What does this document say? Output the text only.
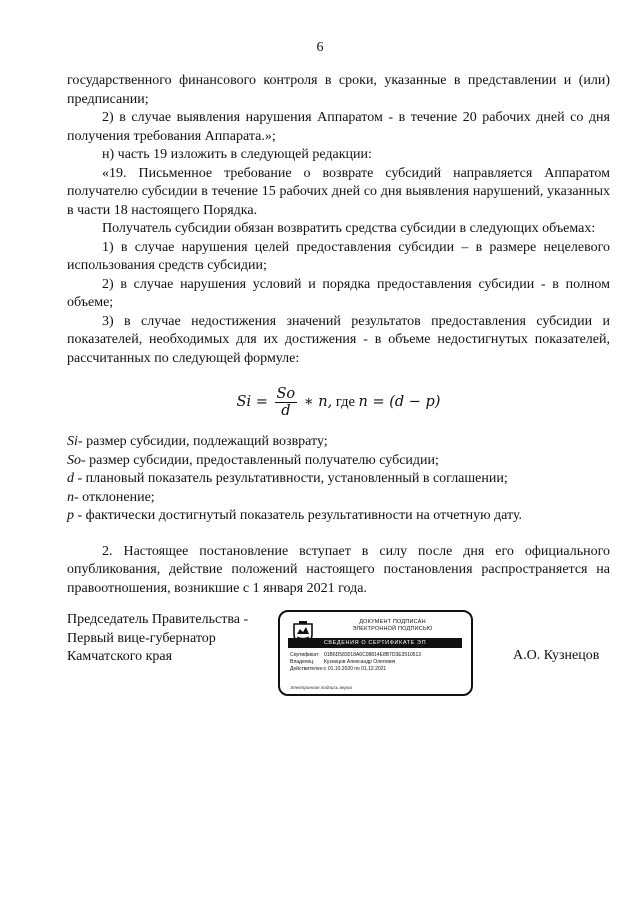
6

государственного финансового контроля в сроки, указанные в представлении и (или) предписании;

2) в случае выявления нарушения Аппаратом - в течение 20 рабочих дней со дня получения требования Аппарата.»;

н) часть 19 изложить в следующей редакции:

«19. Письменное требование о возврате субсидий направляется Аппаратом получателю субсидии в течение 15 рабочих дней со дня выявления нарушений, указанных в части 18 настоящего Порядка.

Получатель субсидии обязан возвратить средства субсидии в следующих объемах:

1) в случае нарушения целей предоставления субсидии – в размере нецелевого использования средств субсидии;

2) в случае нарушения условий и порядка предоставления субсидии - в полном объеме;

3) в случае недостижения значений результатов предоставления субсидии и показателей, необходимых для их достижения - в объеме недостигнутых показателей, рассчитанных по следующей формуле:

$Si = \frac{So}{d}$ ∗ n, где n = (d − p)
Si- размер субсидии, подлежащий возврату;
So- размер субсидии, предоставленный получателю субсидии;
d - плановый показатель результативности, установленный в соглашении;
n- отклонение;
p - фактически достигнутый показатель результативности на отчетную дату.

2. Настоящее постановление вступает в силу после дня его официального опубликования, действие положений настоящего постановления распространяется на правоотношения, возникшие с 1 января 2021 года.

Председатель Правительства -
Первый вице-губернатор
Камчатского края	А.О. Кузнецов
ДОКУМЕНТ ПОДПИСАН
ЭЛЕКТРОННОЙ ПОДПИСЬЮ
СВЕДЕНИЯ О СЕРТИФИКАТЕ ЭП
Сертификат: 01B6D583018A6C08814E8B7D3E3510513
Владелец:	Кузнецов Александр Олегович
Действителен: с 01.10.2020 по 01.12.2021
Электронная подпись верна
